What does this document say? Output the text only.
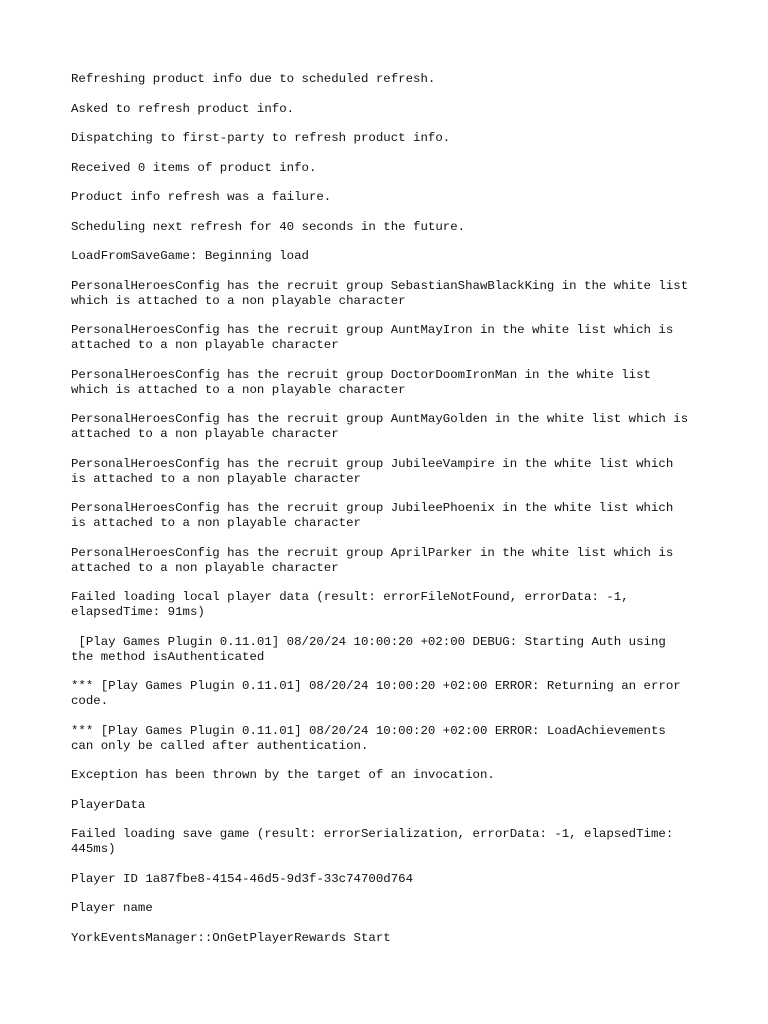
Refreshing product info due to scheduled refresh.
Asked to refresh product info.
Dispatching to first-party to refresh product info.
Received 0 items of product info.
Product info refresh was a failure.
Scheduling next refresh for 40 seconds in the future.
LoadFromSaveGame: Beginning load
PersonalHeroesConfig has the recruit group SebastianShawBlackKing in the white list
which is attached to a non playable character
PersonalHeroesConfig has the recruit group AuntMayIron in the white list which is
attached to a non playable character
PersonalHeroesConfig has the recruit group DoctorDoomIronMan in the white list
which is attached to a non playable character
PersonalHeroesConfig has the recruit group AuntMayGolden in the white list which is
attached to a non playable character
PersonalHeroesConfig has the recruit group JubileeVampire in the white list which
is attached to a non playable character
PersonalHeroesConfig has the recruit group JubileePhoenix in the white list which
is attached to a non playable character
PersonalHeroesConfig has the recruit group AprilParker in the white list which is
attached to a non playable character
Failed loading local player data (result: errorFileNotFound, errorData: -1,
elapsedTime: 91ms)
[Play Games Plugin 0.11.01] 08/20/24 10:00:20 +02:00 DEBUG: Starting Auth using
the method isAuthenticated
*** [Play Games Plugin 0.11.01] 08/20/24 10:00:20 +02:00 ERROR: Returning an error
code.
*** [Play Games Plugin 0.11.01] 08/20/24 10:00:20 +02:00 ERROR: LoadAchievements
can only be called after authentication.
Exception has been thrown by the target of an invocation.
PlayerData
Failed loading save game (result: errorSerialization, errorData: -1, elapsedTime:
445ms)
Player ID 1a87fbe8-4154-46d5-9d3f-33c74700d764
Player name
YorkEventsManager::OnGetPlayerRewards Start
